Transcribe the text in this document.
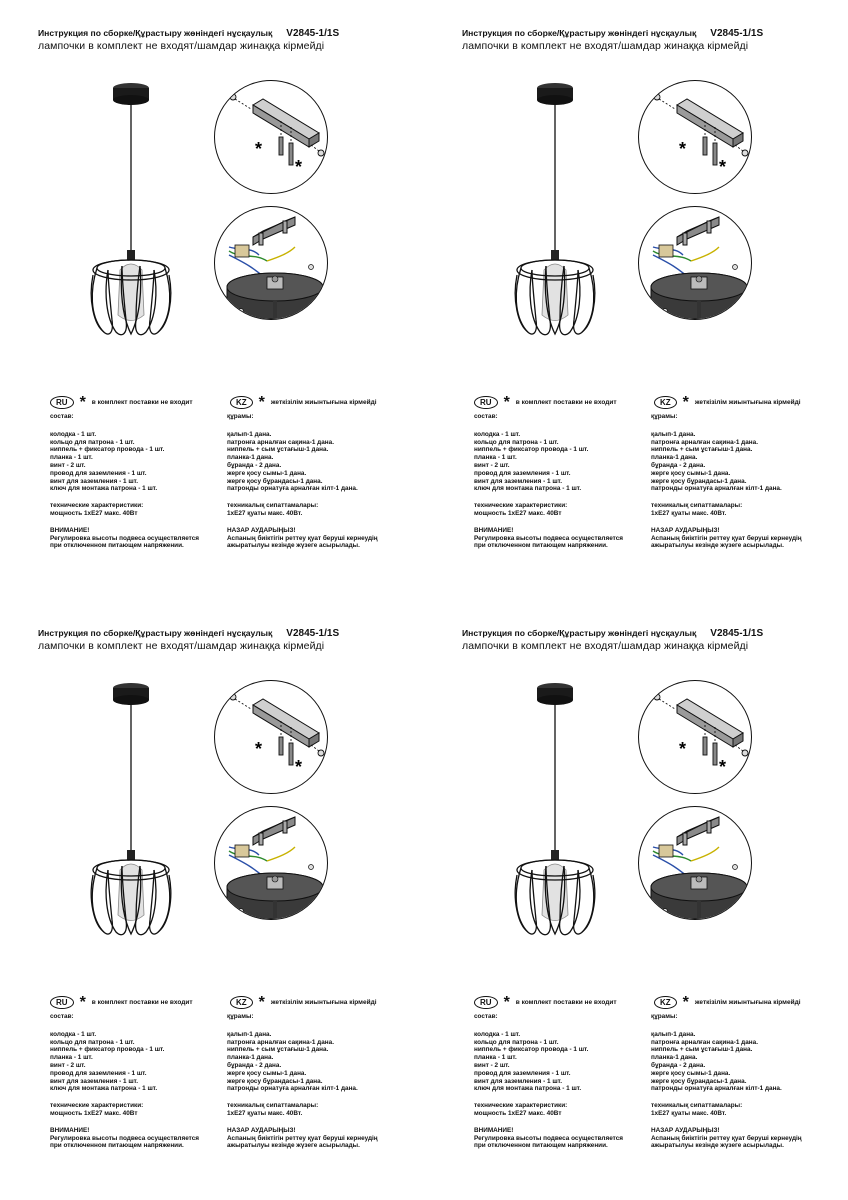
Инструкция по сборке/Құрастыру жөніндегі нұсқаулық V2845-1/1S
лампочки в комплект не входят/шамдар жинаққа кірмейді
*
*
RU * в комплект поставки не входит	KZ * жеткізілім жиынтығына кірмейді
состав:
колодка - 1 шт.
кольцо для патрона - 1 шт.
ниппель + фиксатор провода - 1 шт.
планка - 1 шт.
винт - 2 шт.
провод для заземления - 1 шт.
винт для заземления - 1 шт.
ключ для монтажа патрона - 1 шт.
технические характеристики:
мощность 1хЕ27 макс. 40Вт
ВНИМАНИЕ!
Регулировка высоты подвеса осуществляется
при отключенном питающем напряжении.
құрамы:
қалып-1 дана.
патронға арналған сақина-1 дана.
ниппель + сым ұстағыш-1 дана.
планка-1 дана.
бұранда - 2 дана.
жерге қосу сымы-1 дана.
жерге қосу бұрандасы-1 дана.
патронды орнатуға арналған кілт-1 дана.
техникалық сипаттамалары:
1хЕ27 қуаты макс. 40Вт.
НАЗАР АУДАРЫҢЫЗ!
Аспаның биіктігін реттеу қуат беруші кернеудің
ажыратылуы кезінде жүзеге асырылады.
Инструкция по сборке/Құрастыру жөніндегі нұсқаулық V2845-1/1S
лампочки в комплект не входят/шамдар жинаққа кірмейді
*
*
RU * в комплект поставки не входит	KZ * жеткізілім жиынтығына кірмейді
состав:
колодка - 1 шт.
кольцо для патрона - 1 шт.
ниппель + фиксатор провода - 1 шт.
планка - 1 шт.
винт - 2 шт.
провод для заземления - 1 шт.
винт для заземления - 1 шт.
ключ для монтажа патрона - 1 шт.
технические характеристики:
мощность 1хЕ27 макс. 40Вт
ВНИМАНИЕ!
Регулировка высоты подвеса осуществляется
при отключенном питающем напряжении.
құрамы:
қалып-1 дана.
патронға арналған сақина-1 дана.
ниппель + сым ұстағыш-1 дана.
планка-1 дана.
бұранда - 2 дана.
жерге қосу сымы-1 дана.
жерге қосу бұрандасы-1 дана.
патронды орнатуға арналған кілт-1 дана.
техникалық сипаттамалары:
1хЕ27 қуаты макс. 40Вт.
НАЗАР АУДАРЫҢЫЗ!
Аспаның биіктігін реттеу қуат беруші кернеудің
ажыратылуы кезінде жүзеге асырылады.
Инструкция по сборке/Құрастыру жөніндегі нұсқаулық V2845-1/1S
лампочки в комплект не входят/шамдар жинаққа кірмейді
*
*
RU * в комплект поставки не входит	KZ * жеткізілім жиынтығына кірмейді
состав:
колодка - 1 шт.
кольцо для патрона - 1 шт.
ниппель + фиксатор провода - 1 шт.
планка - 1 шт.
винт - 2 шт.
провод для заземления - 1 шт.
винт для заземления - 1 шт.
ключ для монтажа патрона - 1 шт.
технические характеристики:
мощность 1хЕ27 макс. 40Вт
ВНИМАНИЕ!
Регулировка высоты подвеса осуществляется
при отключенном питающем напряжении.
құрамы:
қалып-1 дана.
патронға арналған сақина-1 дана.
ниппель + сым ұстағыш-1 дана.
планка-1 дана.
бұранда - 2 дана.
жерге қосу сымы-1 дана.
жерге қосу бұрандасы-1 дана.
патронды орнатуға арналған кілт-1 дана.
техникалық сипаттамалары:
1хЕ27 қуаты макс. 40Вт.
НАЗАР АУДАРЫҢЫЗ!
Аспаның биіктігін реттеу қуат беруші кернеудің
ажыратылуы кезінде жүзеге асырылады.
Инструкция по сборке/Құрастыру жөніндегі нұсқаулық V2845-1/1S
лампочки в комплект не входят/шамдар жинаққа кірмейді
*
*
RU * в комплект поставки не входит	KZ * жеткізілім жиынтығына кірмейді
состав:
колодка - 1 шт.
кольцо для патрона - 1 шт.
ниппель + фиксатор провода - 1 шт.
планка - 1 шт.
винт - 2 шт.
провод для заземления - 1 шт.
винт для заземления - 1 шт.
ключ для монтажа патрона - 1 шт.
технические характеристики:
мощность 1хЕ27 макс. 40Вт
ВНИМАНИЕ!
Регулировка высоты подвеса осуществляется
при отключенном питающем напряжении.
құрамы:
қалып-1 дана.
патронға арналған сақина-1 дана.
ниппель + сым ұстағыш-1 дана.
планка-1 дана.
бұранда - 2 дана.
жерге қосу сымы-1 дана.
жерге қосу бұрандасы-1 дана.
патронды орнатуға арналған кілт-1 дана.
техникалық сипаттамалары:
1хЕ27 қуаты макс. 40Вт.
НАЗАР АУДАРЫҢЫЗ!
Аспаның биіктігін реттеу қуат беруші кернеудің
ажыратылуы кезінде жүзеге асырылады.
